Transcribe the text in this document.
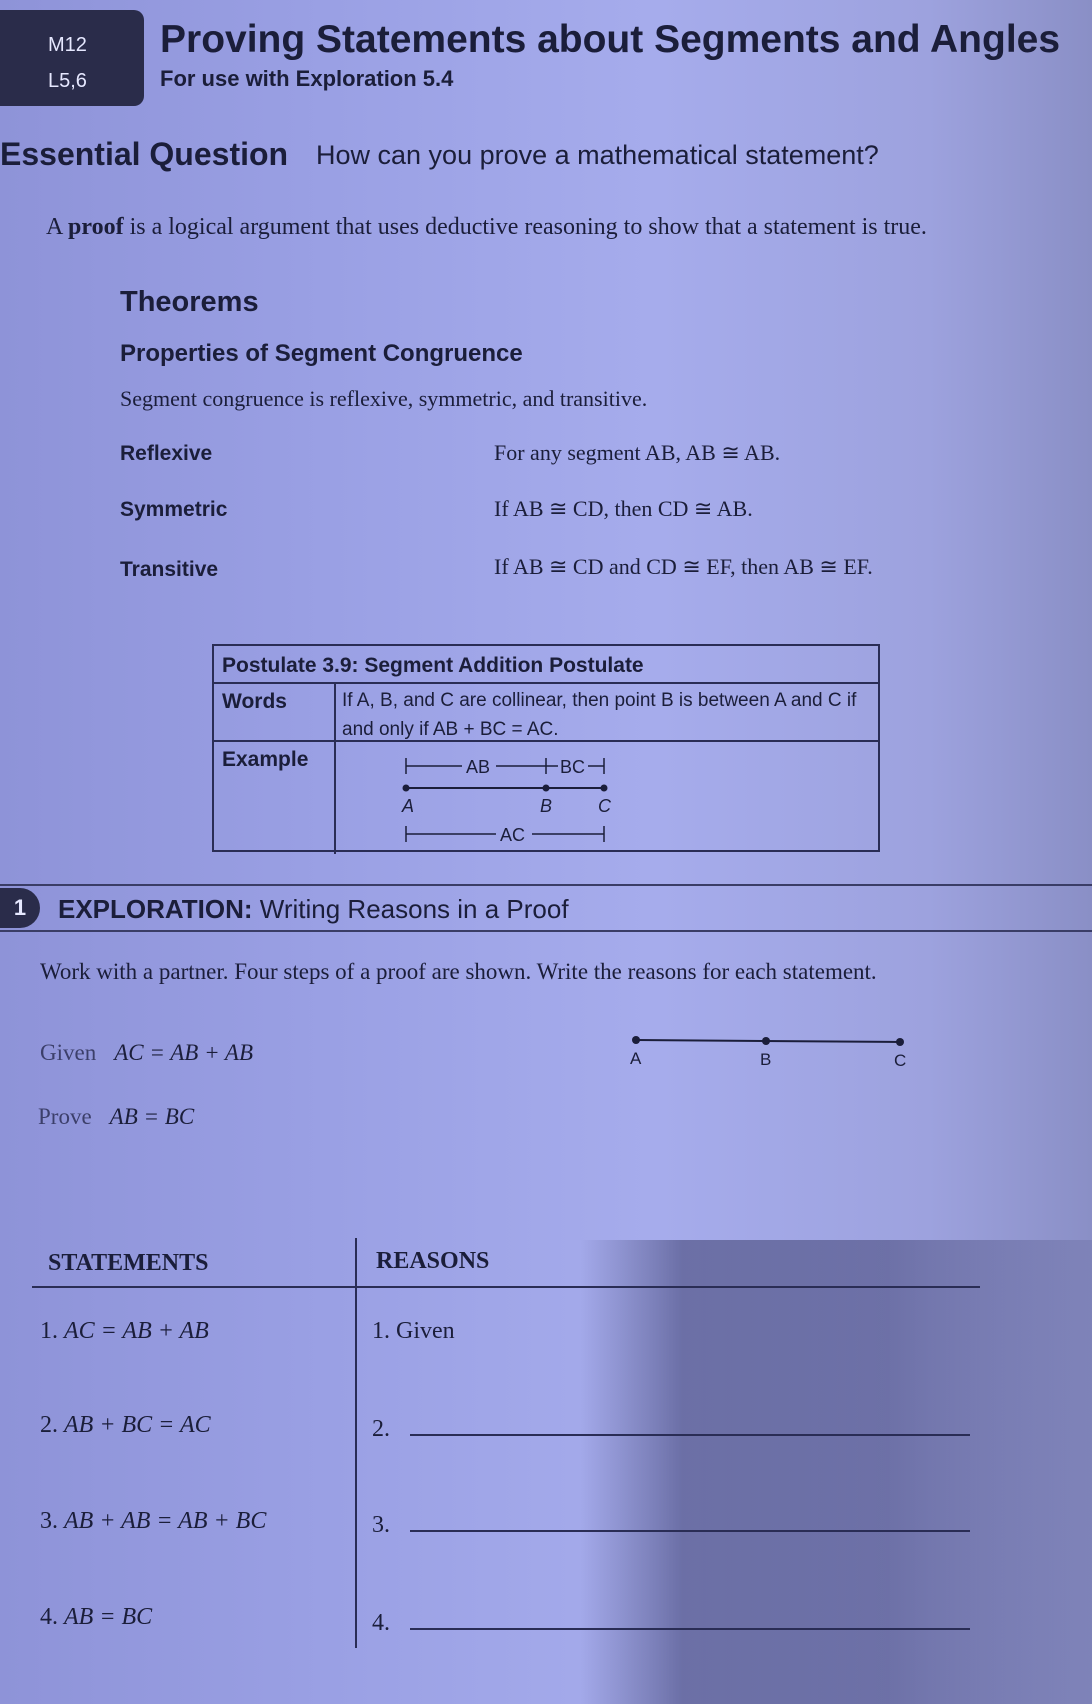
M12
L5,6
Proving Statements about Segments and Angles
For use with Exploration 5.4
Essential Question How can you prove a mathematical statement?
A proof is a logical argument that uses deductive reasoning to show that a statement is true.
Theorems
Properties of Segment Congruence
Segment congruence is reflexive, symmetric, and transitive.
Reflexive	For any segment AB, AB ≅ AB.
Symmetric	If AB ≅ CD, then CD ≅ AB.
Transitive	If AB ≅ CD and CD ≅ EF, then AB ≅ EF.
Postulate 3.9: Segment Addition Postulate
Words	If A, B, and C are collinear, then point B is between A and C if and only if AB + BC = AC.
Example	AB	BC
A	B	C
AC
1	EXPLORATION: Writing Reasons in a Proof
Work with a partner. Four steps of a proof are shown. Write the reasons for each statement.
Given AC = AB + AB
Prove AB = BC
A	B	C
STATEMENTS	REASONS
1. AC = AB + AB	1. Given
2. AB + BC = AC	2.
3. AB + AB = AB + BC	3.
4. AB = BC	4.
